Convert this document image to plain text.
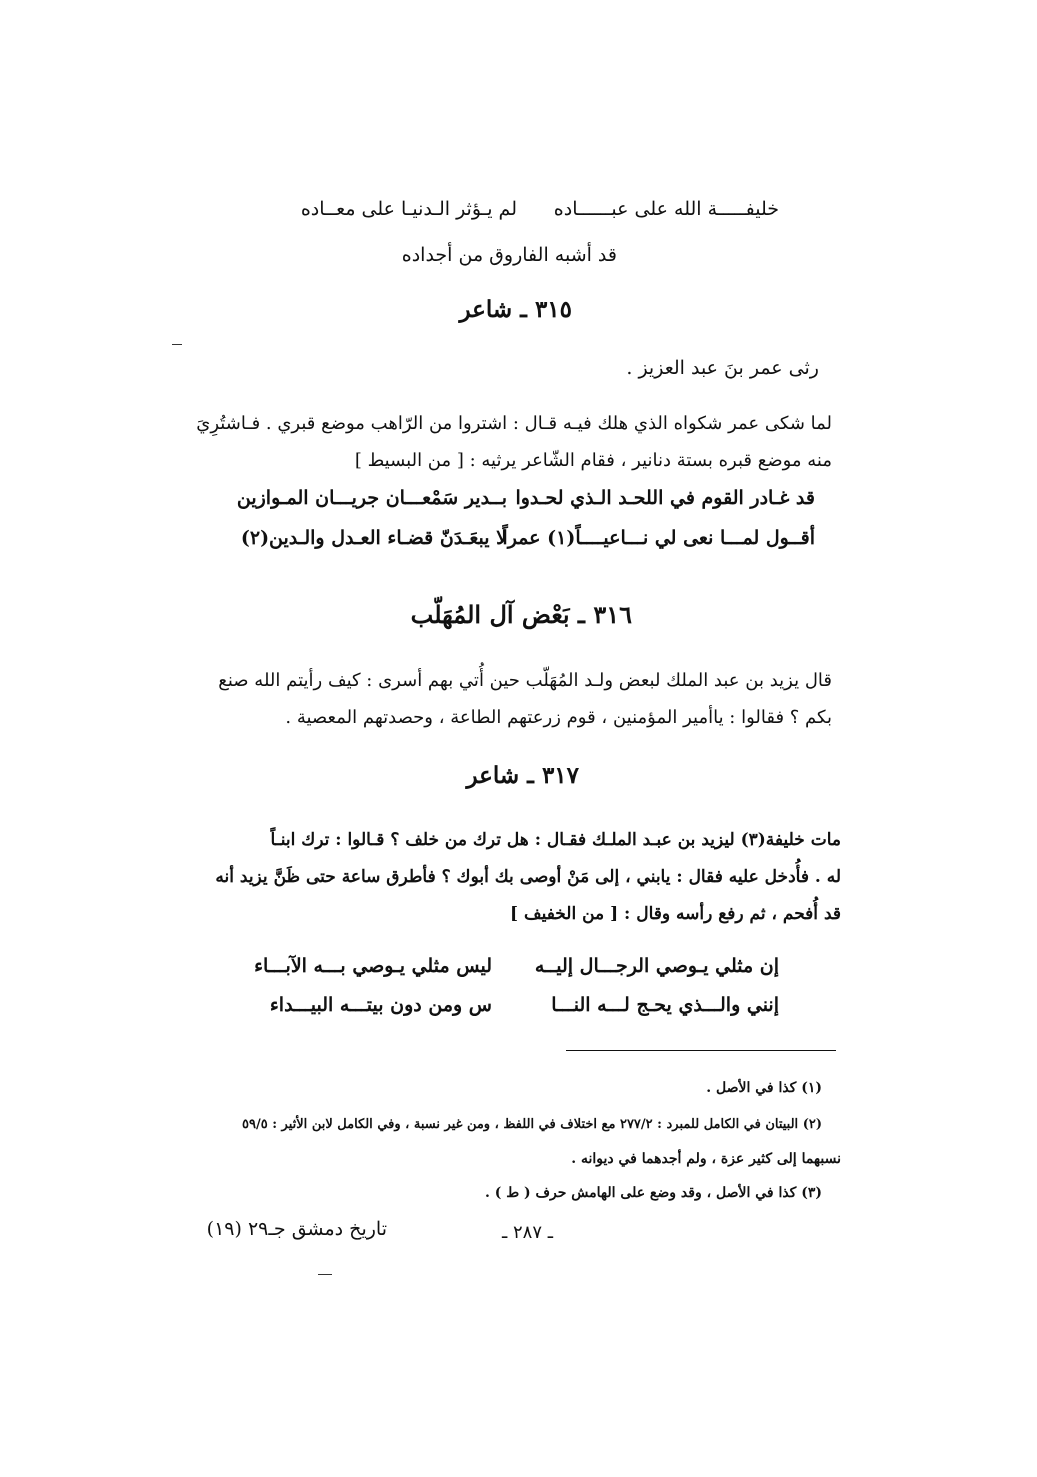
خليفـــــة الله على عبــــــاده
لم يـؤثر الـدنيـا على معــاده
قد أشبه الفاروق من أجداده
٣١٥ ـ شاعر
رثى عمر بنَ عبد العزيز .
لما شكى عمر شكواه الذي هلك فيـه قـال : اشتروا من الرّاهب موضع قبري . فـاشتُرِيَ
منه موضع قبره بستة دنانير ، فقام الشّاعر يرثيه : [ من البسيط ]
قد غـادر القوم في اللحـد الـذي لحـدوا
بــدير سَمْعـــان جريـــان المـوازين
أقــول لمـــا نعى لي نـــاعيــــاً(١) عمراً
لا يبعَـدَنّ قضـاء العـدل والـدين(٢)
٣١٦ ـ بَعْض آل المُهَلّب
قال يزيد بن عبد الملك لبعض ولـد المُهَلّب حين أُتي بهم أسرى : كيف رأيتم الله صنع
بكم ؟ فقالوا : ياأمير المؤمنين ، قوم زرعتهم الطاعة ، وحصدتهم المعصية .
٣١٧ ـ شاعر
مات خليفة(٣) ليزيد بن عبـد الملـك فقـال : هل ترك من خلف ؟ قـالوا : ترك ابنـاً
له . فأُدخل عليه فقال : يابني ، إلى مَنْ أوصى بك أبوك ؟ فأطرق ساعة حتى ظَنَّ يزيد أنه
قد أُفحم ، ثم رفع رأسه وقال : [ من الخفيف ]
إن مثلي يـوصي الرجـــال إليــه
ليس مثلي يـوصي بـــه الآبـــاء
إنني والـــذي يحـج لـــه النـــا
س ومن دون بيتـــه البيـــداء
(١) كذا في الأصل .
(٢) البيتان في الكامل للمبرد : ٢٧٧/٢ مع اختلاف في اللفظ ، ومن غير نسبة ، وفي الكامل لابن الأثير : ٥٩/٥
نسبهما إلى كثير عزة ، ولم أجدهما في ديوانه .
(٣) كذا في الأصل ، وقد وضع على الهامش حرف ( ط ) .
ـ ٢٨٧ ـ
تاريخ دمشق جـ٢٩ (١٩)
